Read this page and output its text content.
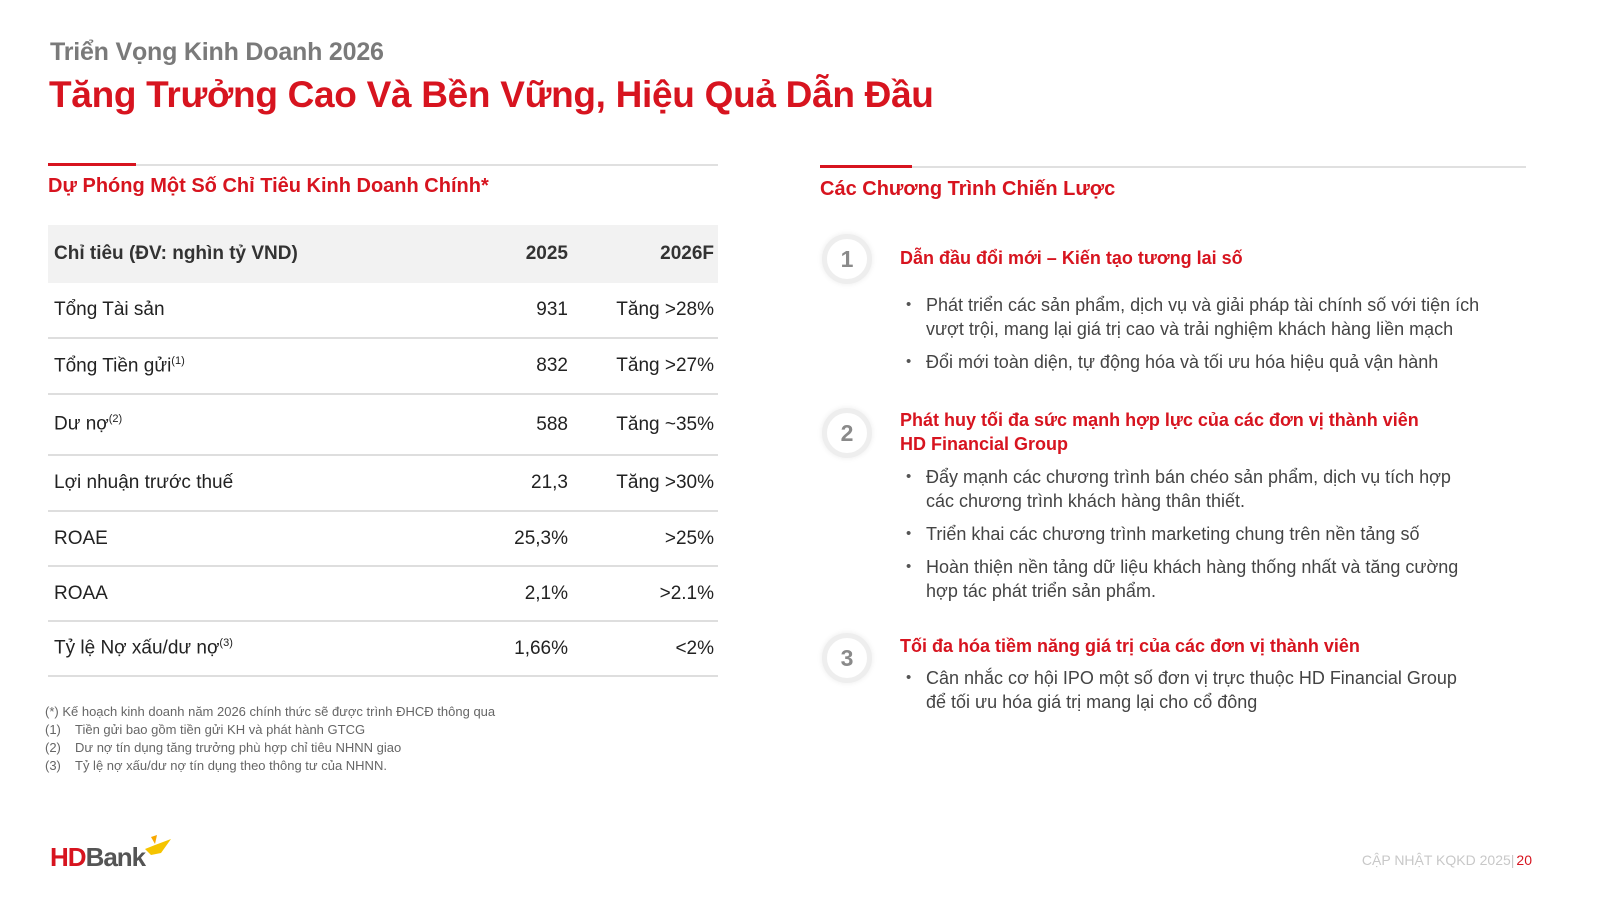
Triển Vọng Kinh Doanh 2026
Tăng Trưởng Cao Và Bền Vững, Hiệu Quả Dẫn Đầu
Dự Phóng Một Số Chỉ Tiêu Kinh Doanh Chính*
Chỉ tiêu (ĐV: nghìn tỷ VND)	2025	2026F
Tổng Tài sản	931	Tăng >28%
Tổng Tiền gửi$^{(1)}$	832	Tăng >27%
Dư nợ$^{(2)}$	588	Tăng ~35%
Lợi nhuận trước thuế	21,3	Tăng >30%
ROAE	25,3%	>25%
ROAA	2,1%	>2.1%
Tỷ lệ Nợ xấu/dư nợ$^{(3)}$	1,66%	<2%
(*) Kế hoạch kinh doanh năm 2026 chính thức sẽ được trình ĐHCĐ thông qua
(1)	Tiền gửi bao gồm tiền gửi KH và phát hành GTCG
(2)	Dư nợ tín dụng tăng trưởng phù hợp chỉ tiêu NHNN giao
(3)	Tỷ lệ nợ xấu/dư nợ tín dụng theo thông tư của NHNN.
Các Chương Trình Chiến Lược
1	Dẫn đầu đổi mới – Kiến tạo tương lai số
• Phát triển các sản phẩm, dịch vụ và giải pháp tài chính số với tiện ích vượt trội, mang lại giá trị cao và trải nghiệm khách hàng liền mạch
• Đổi mới toàn diện, tự động hóa và tối ưu hóa hiệu quả vận hành
2	Phát huy tối đa sức mạnh hợp lực của các đơn vị thành viên HD Financial Group
• Đẩy mạnh các chương trình bán chéo sản phẩm, dịch vụ tích hợp các chương trình khách hàng thân thiết.
• Triển khai các chương trình marketing chung trên nền tảng số
• Hoàn thiện nền tảng dữ liệu khách hàng thống nhất và tăng cường hợp tác phát triển sản phẩm.
3	Tối đa hóa tiềm năng giá trị của các đơn vị thành viên
• Cân nhắc cơ hội IPO một số đơn vị trực thuộc HD Financial Group để tối ưu hóa giá trị mang lại cho cổ đông
HD Bank	CẬP NHẬT KQKD 2025| 20
